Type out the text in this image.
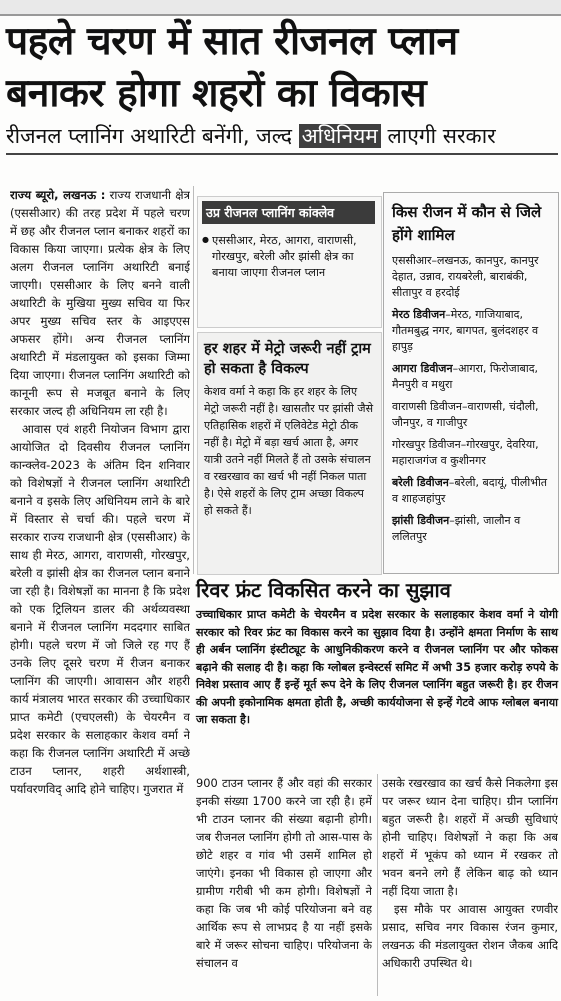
पहले चरण में सात रीजनल प्लान
बनाकर होगा शहरों का विकास
रीजनल प्लानिंग अथारिटी बनेंगी, जल्द अधिनियम लाएगी सरकार

राज्य ब्यूरो, लखनऊ : राज्य राजधानी क्षेत्र (एससीआर) की तरह प्रदेश में पहले चरण में छह और रीजनल प्लान बनाकर शहरों का विकास किया जाएगा। प्रत्येक क्षेत्र के लिए अलग रीजनल प्लानिंग अथारिटी बनाई जाएगी। एससीआर के लिए बनने वाली अथारिटी के मुखिया मुख्य सचिव या फिर अपर मुख्य सचिव स्तर के आइएएस अफसर होंगे। अन्य रीजनल प्लानिंग अथारिटी में मंडलायुक्त को इसका जिम्मा दिया जाएगा। रीजनल प्लानिंग अथारिटी को कानूनी रूप से मजबूत बनाने के लिए सरकार जल्द ही अधिनियम ला रही है।

आवास एवं शहरी नियोजन विभाग द्वारा आयोजित दो दिवसीय रीजनल प्लानिंग कान्क्लेव-2023 के अंतिम दिन शनिवार को विशेषज्ञों ने रीजनल प्लानिंग अथारिटी बनाने व इसके लिए अधिनियम लाने के बारे में विस्तार से चर्चा की। पहले चरण में सरकार राज्य राजधानी क्षेत्र (एससीआर) के साथ ही मेरठ, आगरा, वाराणसी, गोरखपुर, बरेली व झांसी क्षेत्र का रीजनल प्लान बनाने जा रही है। विशेषज्ञों का मानना है कि प्रदेश को एक ट्रिलियन डालर की अर्थव्यवस्था बनाने में रीजनल प्लानिंग मददगार साबित होगी। पहले चरण में जो जिले रह गए हैं उनके लिए दूसरे चरण में रीजन बनाकर प्लानिंग की जाएगी। आवासन और शहरी कार्य मंत्रालय भारत सरकार की उच्चाधिकार प्राप्त कमेटी (एचएलसी) के चेयरमैन व प्रदेश सरकार के सलाहकार केशव वर्मा ने कहा कि रीजनल प्लानिंग अथारिटी में अच्छे टाउन प्लानर, शहरी अर्थशास्त्री, पर्यावरणविद् आदि होने चाहिए। गुजरात में

उप्र रीजनल प्लानिंग कांक्लेव
● एससीआर, मेरठ, आगरा, वाराणसी, गोरखपुर, बरेली और झांसी क्षेत्र का बनाया जाएगा रीजनल प्लान
हर शहर में मेट्रो जरूरी नहीं ट्राम हो सकता है विकल्प

केशव वर्मा ने कहा कि हर शहर के लिए मेट्रो जरूरी नहीं है। खासतौर पर झांसी जैसे एतिहासिक शहरों में एलिवेटेड मेट्रो ठीक नहीं है। मेट्रो में बड़ा खर्च आता है, अगर यात्री उतने नहीं मिलते हैं तो उसके संचालन व रखरखाव का खर्च भी नहीं निकल पाता है। ऐसे शहरों के लिए ट्राम अच्छा विकल्प हो सकते हैं।

किस रीजन में कौन से जिले होंगे शामिल
एससीआर–लखनऊ, कानपुर, कानपुर देहात, उन्नाव, रायबरेली, बाराबंकी, सीतापुर व हरदोई
मेरठ डिवीजन–मेरठ, गाजियाबाद, गौतमबुद्ध नगर, बागपत, बुलंदशहर व हापुड़
आगरा डिवीजन–आगरा, फिरोजाबाद, मैनपुरी व मथुरा
वाराणसी डिवीजन–वाराणसी, चंदौली, जौनपुर, व गाजीपुर
गोरखपुर डिवीजन–गोरखपुर, देवरिया, महाराजगंज व कुशीनगर
बरेली डिवीजन–बरेली, बदायूं, पीलीभीत व शाहजहांपुर
झांसी डिवीजन–झांसी, जालौन व ललितपुर
रिवर फ्रंट विकसित करने का सुझाव
उच्चाधिकार प्राप्त कमेटी के चेयरमैन व प्रदेश सरकार के सलाहकार केशव वर्मा ने योगी सरकार को रिवर फ्रंट का विकास करने का सुझाव दिया है। उन्होंने क्षमता निर्माण के साथ ही अर्बन प्लानिंग इंस्टीट्यूट के आधुनिकीकरण करने व रीजनल प्लानिंग पर और फोकस बढ़ाने की सलाह दी है। कहा कि ग्लोबल इन्वेस्टर्स समिट में अभी 35 हजार करोड़ रुपये के निवेश प्रस्ताव आए हैं इन्हें मूर्त रूप देने के लिए रीजनल प्लानिंग बहुत जरूरी है। हर रीजन की अपनी इकोनामिक क्षमता होती है, अच्छी कार्ययोजना से इन्हें गेटवे आफ ग्लोबल बनाया जा सकता है।
900 टाउन प्लानर हैं और वहां की सरकार इनकी संख्या 1700 करने जा रही है। हमें भी टाउन प्लानर की संख्या बढ़ानी होगी। जब रीजनल प्लानिंग होगी तो आस-पास के छोटे शहर व गांव भी उसमें शामिल हो जाएंगे। इनका भी विकास हो जाएगा और ग्रामीण गरीबी भी कम होगी। विशेषज्ञों ने कहा कि जब भी कोई परियोजना बने वह आर्थिक रूप से लाभप्रद है या नहीं इसके बारे में जरूर सोचना चाहिए। परियोजना के संचालन व

उसके रखरखाव का खर्च कैसे निकलेगा इस पर जरूर ध्यान देना चाहिए। ग्रीन प्लानिंग बहुत जरूरी है। शहरों में अच्छी सुविधाएं होनी चाहिए। विशेषज्ञों ने कहा कि अब शहरों में भूकंप को ध्यान में रखकर तो भवन बनने लगे हैं लेकिन बाढ़ को ध्यान नहीं दिया जाता है।

इस मौके पर आवास आयुक्त रणवीर प्रसाद, सचिव नगर विकास रंजन कुमार, लखनऊ की मंडलायुक्त रोशन जैकब आदि अधिकारी उपस्थित थे।
